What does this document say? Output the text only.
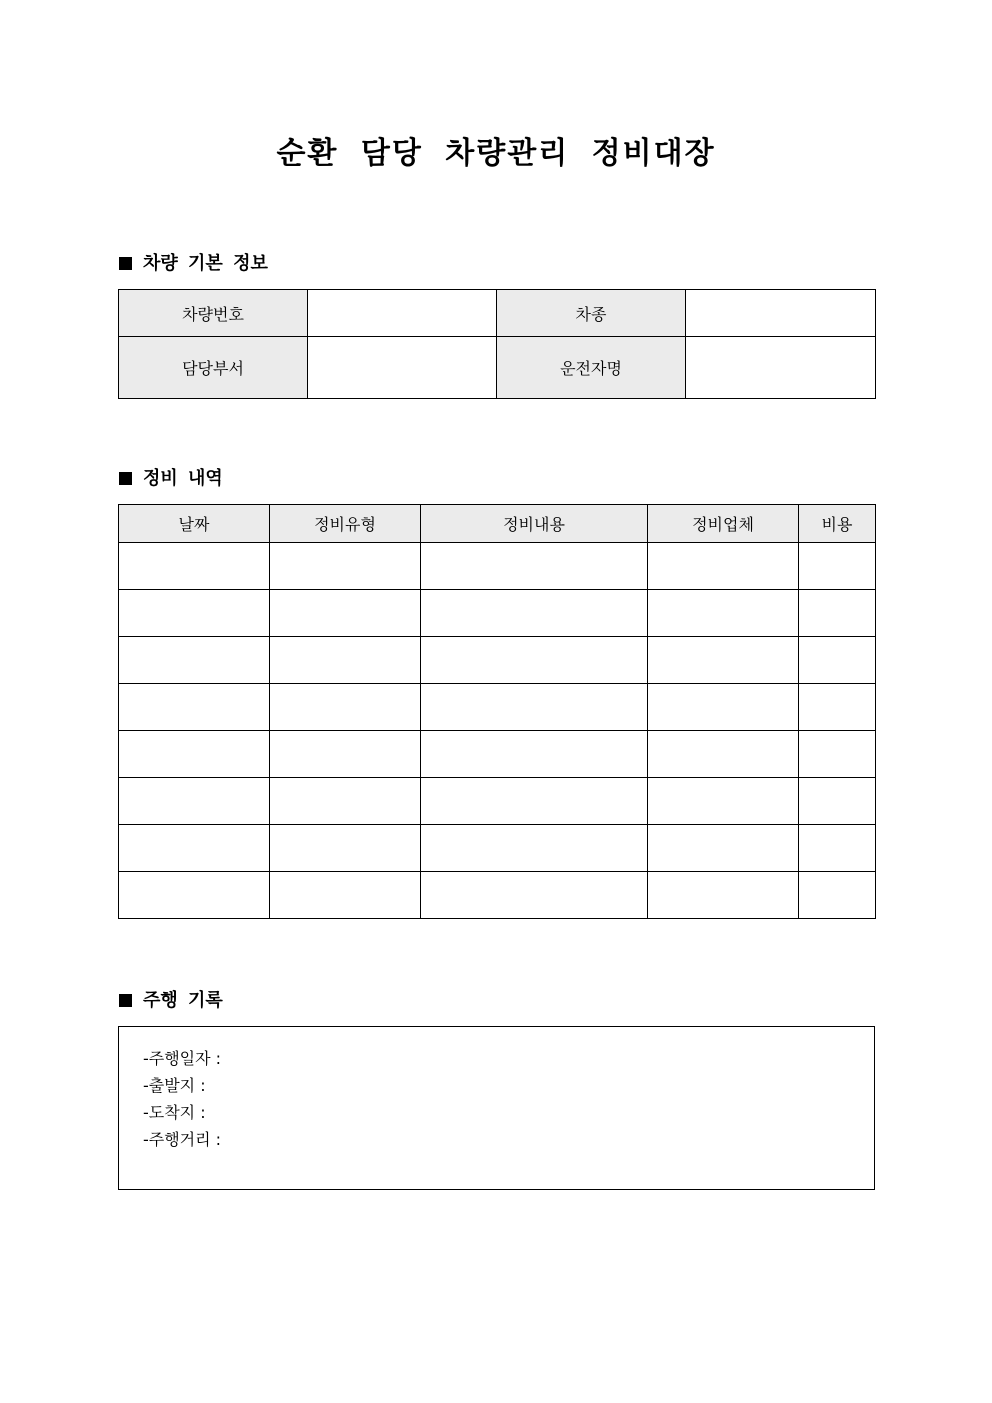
순환 담당 차량관리 정비대장
차량 기본 정보
차량번호		차종	
담당부서		운전자명	
정비 내역
날짜	정비유형	정비내용	정비업체	비용

주행 기록
-주행일자 :
-출발지 :
-도착지 :
-주행거리 :
